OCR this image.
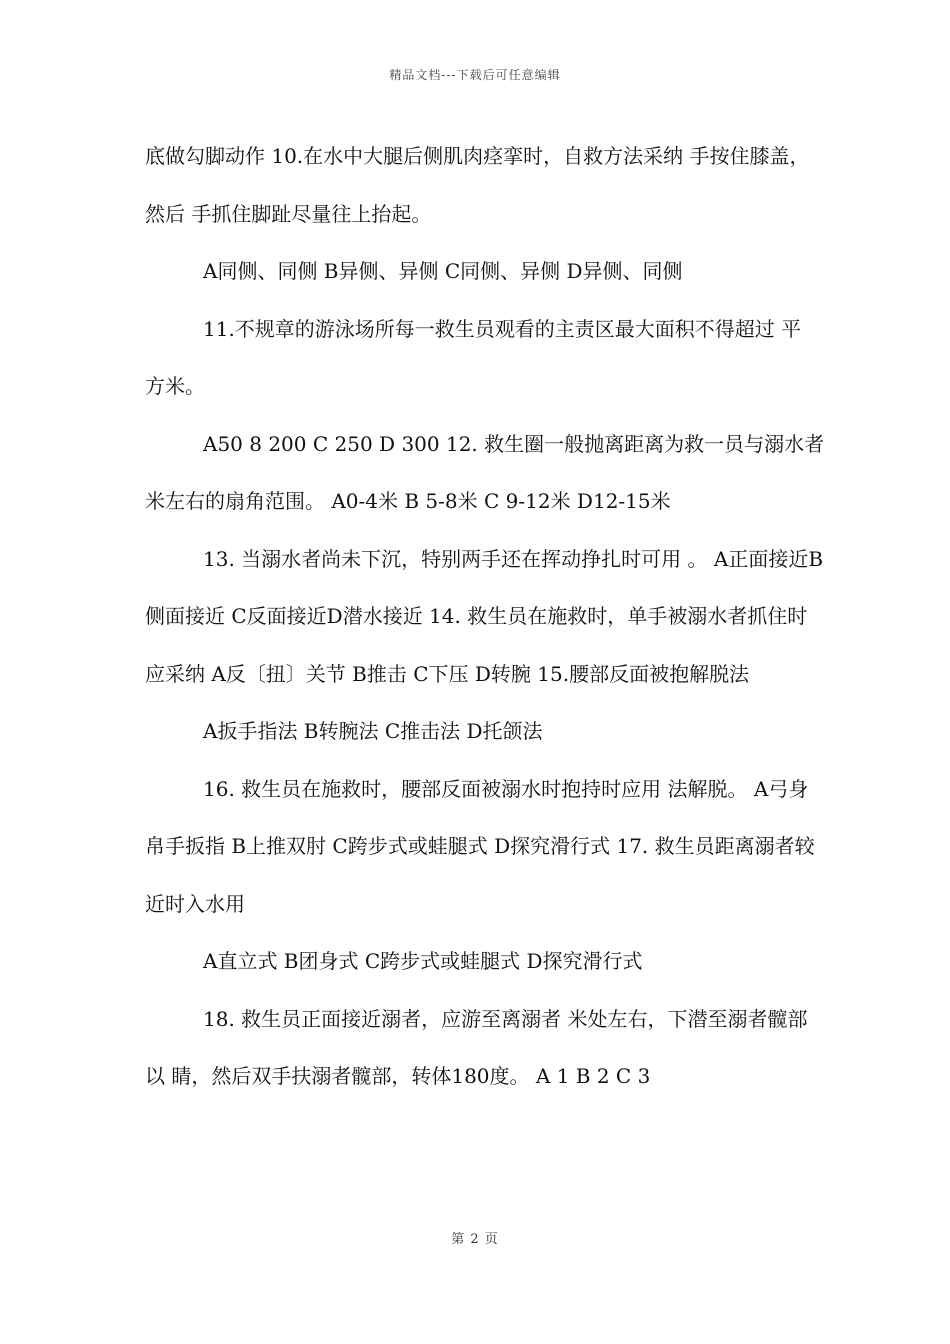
精品文档---下载后可任意编辑

底做勾脚动作 10.在水中大腿后侧肌肉痉挛时，自救方法采纳 手按住膝盖，然后 手抓住脚趾尽量往上抬起。

A同侧、同侧 B异侧、异侧 C同侧、异侧 D异侧、同侧

11.不规章的游泳场所每一救生员观看的主责区最大面积不得超过 平 方米。

A50 8 200 C 250 D 300 12. 救生圈一般抛离距离为救一员与溺水者 米左右的扇角范围。 A0-4米 B 5-8米 C 9-12米 D12-15米

13. 当溺水者尚未下沉，特别两手还在挥动挣扎时可用 。 A正面接近B侧面接近 C反面接近D潜水接近 14. 救生员在施救时，单手被溺水者抓住时应采纳 A反〔扭〕关节 B推击 C下压 D转腕 15.腰部反面被抱解脱法

A扳手指法 B转腕法 C推击法 D托颌法

16. 救生员在施救时，腰部反面被溺水时抱持时应用 法解脱。 A弓身帛手扳指 B上推双肘 C跨步式或蛙腿式 D探究滑行式 17. 救生员距离溺者较近时入水用

A直立式 B团身式 C跨步式或蛙腿式 D探究滑行式

18. 救生员正面接近溺者，应游至离溺者 米处左右，下潜至溺者髋部以 睛，然后双手扶溺者髋部，转体180度。 A 1 B 2 C 3

第 2 页
